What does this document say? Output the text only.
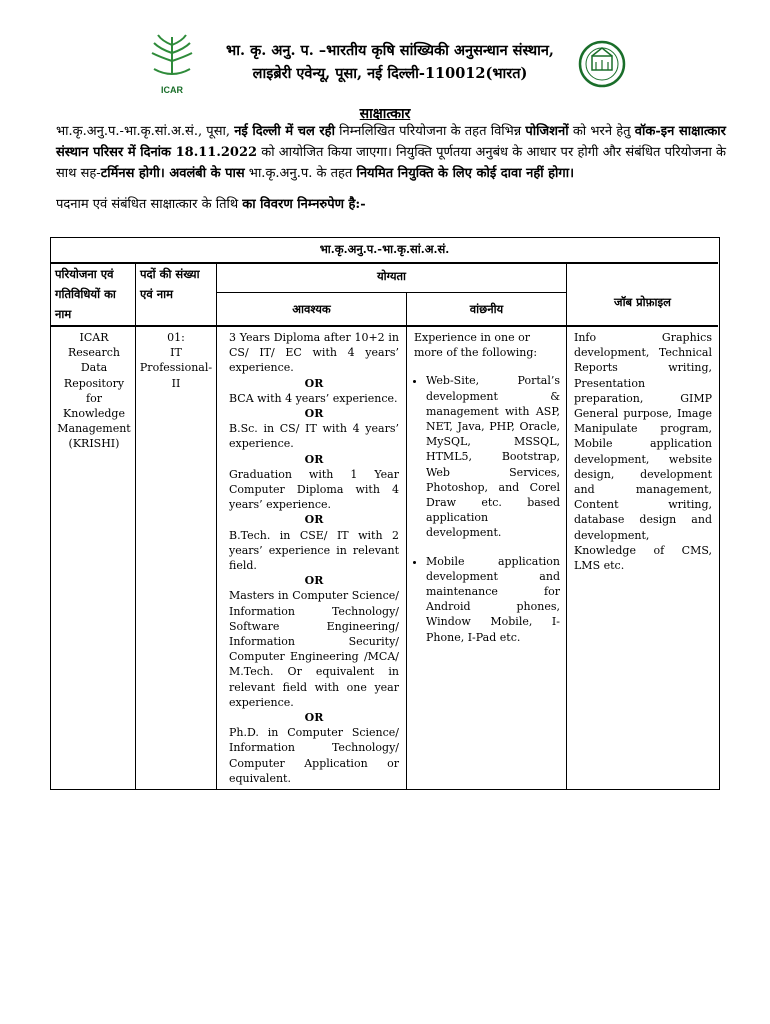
ICAR
भा. कृ. अनु. प. –भारतीय कृषि सांख्यिकी अनुसन्धान संस्थान,
लाइब्रेरी एवेन्यू, पूसा, नई दिल्ली-110012(भारत)
साक्षात्कार
भा.कृ.अनु.प.-भा.कृ.सां.अ.सं., पूसा, नई दिल्ली में चल रही निम्नलिखित परियोजना के तहत विभिन्न पोजिशनों को भरने हेतु वॉक-इन साक्षात्कार संस्थान परिसर में दिनांक 18.11.2022 को आयोजित किया जाएगा। नियुक्ति पूर्णतया अनुबंध के आधार पर होगी और संबंधित परियोजना के साथ सह-टर्मिनस होगी। अवलंबी के पास भा.कृ.अनु.प. के तहत नियमित नियुक्ति के लिए कोई दावा नहीं होगा।
पदनाम एवं संबंधित साक्षात्कार के तिथि का विवरण निम्नरुपेण है:-
भा.कृ.अनु.प.-भा.कृ.सां.अ.सं.
परियोजना एवं गतिविधियों का नाम
पदों की संख्या एवं नाम
योग्यता
आवश्यक	वांछनीय	जॉब प्रोफ़ाइल
ICAR Research Data Repository for Knowledge Management (KRISHI)
01:
IT
Professional-II
3 Years Diploma after 10+2 in CS/ IT/ EC with 4 years’ experience.
OR
BCA with 4 years’ experience.
OR
B.Sc. in CS/ IT with 4 years’ experience.
OR
Graduation with 1 Year Computer Diploma with 4 years’ experience.
OR
B.Tech. in CSE/ IT with 2 years’ experience in relevant field.
OR
Masters in Computer Science/ Information Technology/ Software Engineering/ Information Security/ Computer Engineering /MCA/ M.Tech. Or equivalent in relevant field with one year experience.
OR
Ph.D. in Computer Science/ Information Technology/ Computer Application or equivalent.
Experience in one or more of the following:
• Web-Site, Portal’s development & management with ASP, NET, Java, PHP, Oracle, MySQL, MSSQL, HTML5, Bootstrap, Web Services, Photoshop, and Corel Draw etc. based application development.
• Mobile application development and maintenance for Android phones, Window Mobile, I-Phone, I-Pad etc.
Info Graphics development, Technical Reports writing, Presentation preparation, GIMP General purpose, Image Manipulate program, Mobile application development, website design, development and management, Content writing, database design and development, Knowledge of CMS, LMS etc.
